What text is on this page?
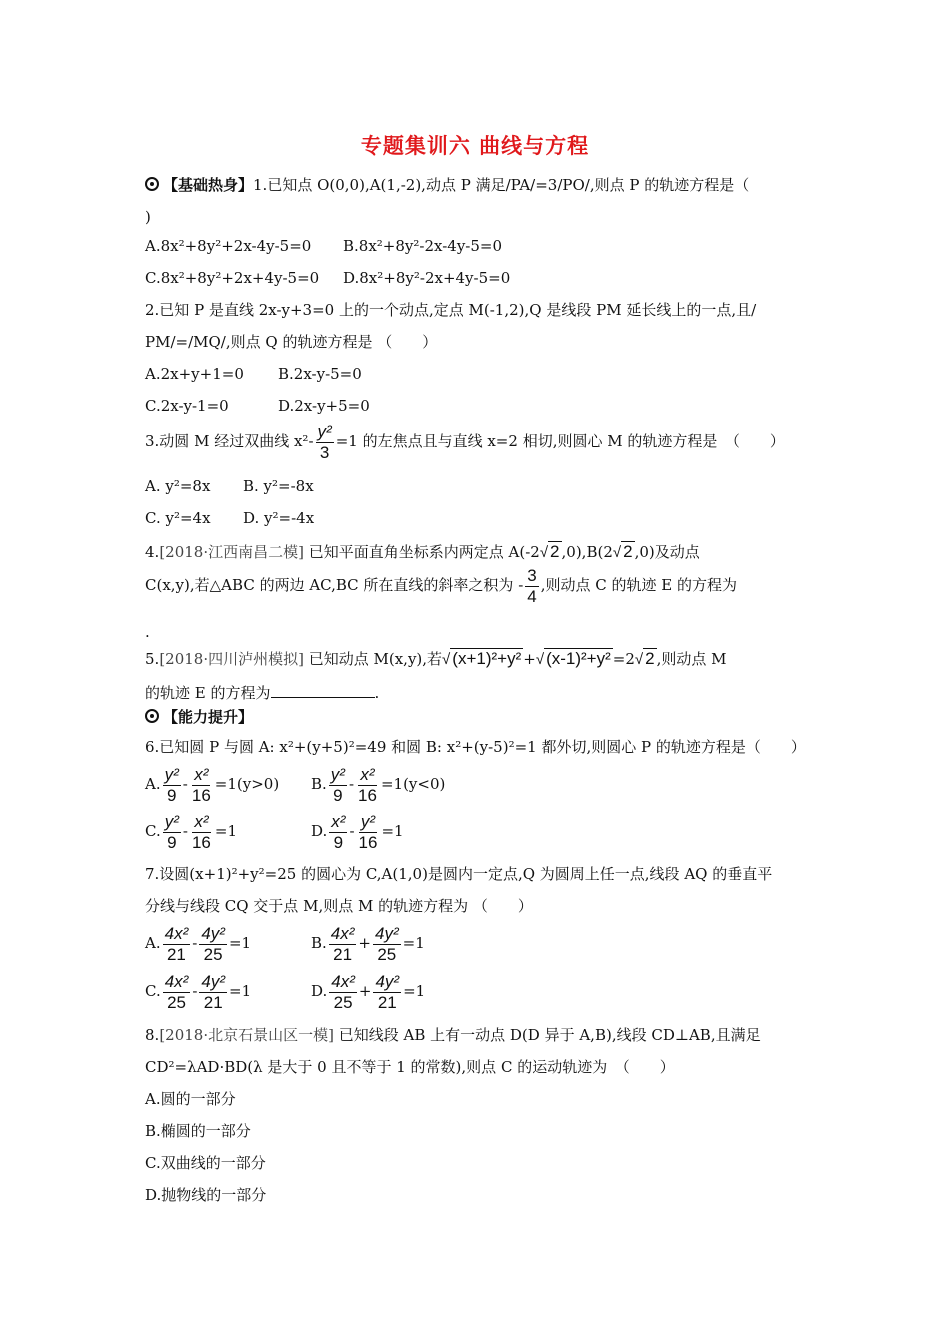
专题集训六 曲线与方程
【基础热身】1.已知点 O(0,0),A(1,-2),动点 P 满足/PA/=3/PO/,则点 P 的轨迹方程是（
)
A.8x²+8y²+2x-4y-5=0 B.8x²+8y²-2x-4y-5=0
C.8x²+8y²+2x+4y-5=0 D.8x²+8y²-2x+4y-5=0
2.已知 P 是直线 2x-y+3=0 上的一个动点,定点 M(-1,2),Q 是线段 PM 延长线上的一点,且/
PM/=/MQ/,则点 Q 的轨迹方程是 （　　）
A.2x+y+1=0 B.2x-y-5=0
C.2x-y-1=0	D.2x-y+5=0
3.动圆 M 经过双曲线 $x^2- \frac{\text{y²}}{3} =1$ 的左焦点且与直线 x=2 相切,则圆心 M 的轨迹方程是　（　　）
A. y²=8x B. y²=-8x
C. y²=4x D. y²=-4x
4.[2018·江西南昌二模] 已知平面直角坐标系内两定点 A(-2√ 2 ,0),B(2√ 2 ,0)及动点
C(x,y),若△ABC 的两边 AC,BC 所在直线的斜率之积为 - $\frac{3}{4}$ ,则动点 C 的轨迹 E 的方程为
.
5.[2018·四川泸州模拟] 已知动点 M(x,y),若√ (x+1)²+y² +√ (x-1)²+y² =2√ 2 ,则动点 M
的轨迹 E 的方程为	.
【能力提升】
6.已知圆 P 与圆 A: x²+(y+5)²=49 和圆 B: x²+(y-5)²=1 都外切,则圆心 P 的轨迹方程是（　　）
A. $\frac{\text{y²}}{9} - \frac{\text{x²}}{16} =1(y>0)$ B. $\frac{\text{y²}}{9} - \frac{\text{x²}}{16} =1(y<0)$
C. $\frac{\text{y²}}{9} - \frac{\text{x²}}{16} =1$	D. $\frac{\text{x²}}{9} - \frac{\text{y²}}{16} =1$
7.设圆(x+1)²+y²=25 的圆心为 C,A(1,0)是圆内一定点,Q 为圆周上任一点,线段 AQ 的垂直平
分线与线段 CQ 交于点 M,则点 M 的轨迹方程为 （　　）
A. $\frac{\text{4x²}}{21} - \frac{\text{4y²}}{25} =1$	B. $\frac{\text{4x²}}{21} + \frac{\text{4y²}}{25} =1$
C. $\frac{\text{4x²}}{25} - \frac{\text{4y²}}{21} =1$	D. $\frac{\text{4x²}}{25} + \frac{\text{4y²}}{21} =1$
8.[2018·北京石景山区一模] 已知线段 AB 上有一动点 D(D 异于 A,B),线段 CD⊥AB,且满足
CD²=λAD·BD(λ 是大于 0 且不等于 1 的常数),则点 C 的运动轨迹为　（　　）
A.圆的一部分
B.椭圆的一部分
C.双曲线的一部分
D.抛物线的一部分
